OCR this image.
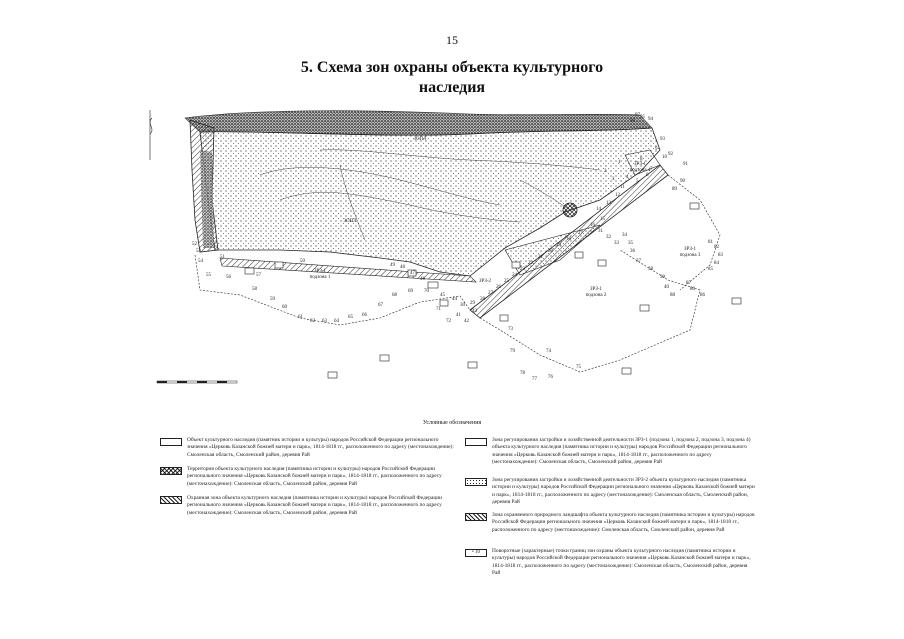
15
5. Схема зон охраны объекта культурного
наследия
ЗРЗ-1 подзона 1
ЗРЗ-1 подзона 2
ЗРЗ-1 подзона 3
ЗРЗ-1 подзона 4
ЗРЗ-2
ЗОПЛ
ЗОПЛ
1
2
3 4
5
6
7
8
9
10
11
12
13
14
15
16
17
18
19
20
21
22
23
24
25
26
27
28
29
30
31
32
33
34
35
36
37
38
39
40
41
42
43
44
45
46
47
48
49
50
51
52
53
54
55	56	57
58
59
60
61
62 63 64
65 66
67
68
69 70
71
72
73
74
75
76
77
78
79
80
81
82
83
84
85
86
87
88
89
90
91
92
93
94
95
96
97
Условные обозначения
Объект культурного наследия (памятник истории и культуры) народов Российской Федерации регионального значения «Церковь Казанской божией матери и парк», 1814-1818 гг., расположенного по адресу (местонахождение): Смоленская область, Смоленский район, деревня Рай
Территория объекта культурного наследия (памятника истории и культуры) народов Российской Федерации регионального значения «Церковь Казанской божией матери и парк», 1814-1818 гг., расположенного по адресу (местонахождение): Смоленская область, Смоленский район, деревня Рай
Охранная зона объекта культурного наследия (памятника истории и культуры) народов Российской Федерации регионального значения «Церковь Казанской божией матери и парк», 1814-1818 гг., расположенного по адресу (местонахождение): Смоленская область, Смоленский район, деревня Рай
Зона регулирования застройки и хозяйственной деятельности ЗРЗ-1 (подзона 1, подзона 2, подзона 3, подзона 4) объекта культурного наследия (памятника истории и культуры) народов Российской Федерации регионального значения «Церковь Казанской божией матери и парк», 1814-1818 гг., расположенного по адресу (местонахождение): Смоленская область, Смоленский район, деревня Рай
Зона регулирования застройки и хозяйственной деятельности ЗРЗ-2 объекта культурного наследия (памятника истории и культуры) народов Российской Федерации регионального значения «Церковь Казанской божией матери и парк», 1814-1818 гг., расположенного по адресу (местонахождение): Смоленская область, Смоленский район, деревня Рай
Зона охраняемого природного ландшафта объекта культурного наследия (памятника истории и культуры) народов Российской Федерации регионального значения «Церковь Казанской божией матери и парк», 1814-1818 гг., расположенного по адресу (местонахождение): Смоленская область, Смоленский район, деревня Рай
• 10	Поворотные (характерные) точки границ зон охраны объекта культурного наследия (памятника истории и культуры) народов Российской Федерации регионального значения «Церковь Казанской божией матери и парк», 1814-1818 гг., расположенного по адресу (местонахождение): Смоленская область, Смоленский район, деревня Рай
